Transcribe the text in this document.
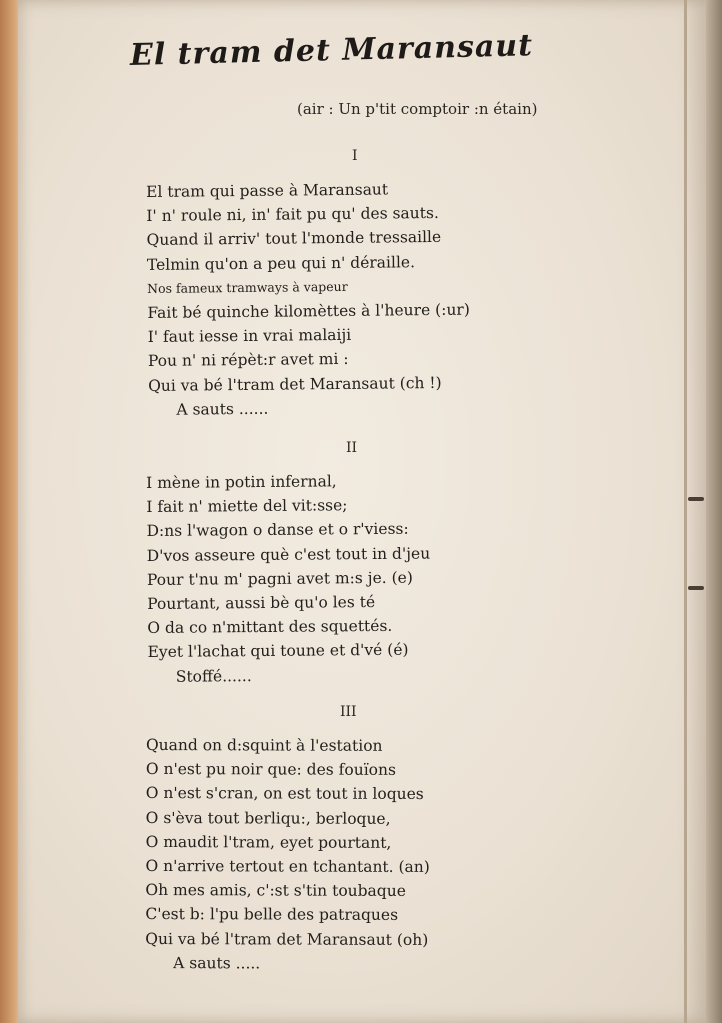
El tram det Maransaut
(air : Un p'tit comptoir :n étain)
I
El tram qui passe à Maransaut
I' n' roule ni, in' fait pu qu' des sauts.
Quand il arriv' tout l'monde tressaille
Telmin qu'on a peu qui n' déraille.
Nos fameux tramways à vapeur
Fait bé quinche kilomèttes à l'heure (:ur)
I' faut iesse in vrai malaiji
Pou n' ni répèt:r avet mi :
Qui va bé l'tram det Maransaut (ch !)
A sauts ......
II
I mène in potin infernal,
I fait n' miette del vit:sse;
D:ns l'wagon o danse et o r'viess:
D'vos asseure què c'est tout in d'jeu
Pour t'nu m' pagni avet m:s je. (e)
Pourtant, aussi bè qu'o les té
O da co n'mittant des squettés.
Eyet l'lachat qui toune et d'vé (é)
Stoffé......
III
Quand on d:squint à l'estation
O n'est pu noir que: des fouïons
O n'est s'cran, on est tout in loques
O s'èva tout berliqu:, berloque,
O maudit l'tram, eyet pourtant,
O n'arrive tertout en tchantant. (an)
Oh mes amis, c':st s'tin toubaque
C'est b: l'pu belle des patraques
Qui va bé l'tram det Maransaut (oh)
A sauts .....
